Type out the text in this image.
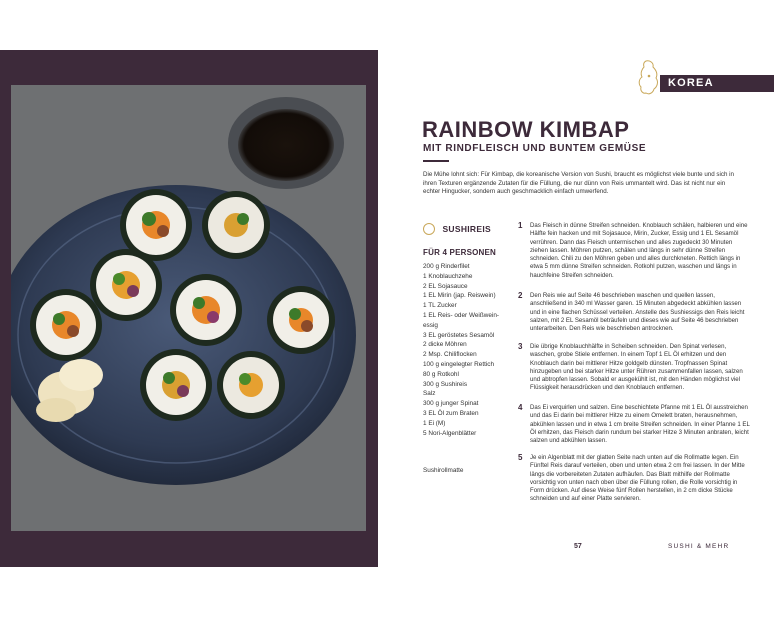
KOREA
RAINBOW KIMBAP
MIT RINDFLEISCH UND BUNTEM GEMÜSE
Die Mühe lohnt sich: Für Kimbap, die koreanische Version von Sushi, braucht es möglichst viele bunte und sich in ihren Texturen ergänzende Zutaten für die Füllung, die nur dünn von Reis ummantelt wird. Das ist nicht nur ein echter Hingucker, sondern auch geschmacklich einfach umwerfend.
SUSHIREIS
FÜR 4 PERSONEN
200 g Rinderfilet
1 Knoblauchzehe
2 EL Sojasauce
1 EL Mirin (jap. Reiswein)
1 TL Zucker
1 EL Reis- oder Weißwein-essig
3 EL geröstetes Sesamöl
2 dicke Möhren
2 Msp. Chiliflocken
100 g eingelegter Rettich
80 g Rotkohl
300 g Sushireis
Salz
300 g junger Spinat
3 EL Öl zum Braten
1 Ei (M)
5 Nori-Algenblätter
Sushirollmatte
1 Das Fleisch in dünne Streifen schneiden. Knoblauch schälen, halbieren und eine Hälfte fein hacken und mit Sojasauce, Mirin, Zucker, Essig und 1 EL Sesamöl verrühren. Dann das Fleisch untermischen und alles zugedeckt 30 Minuten ziehen lassen. Möhren putzen, schälen und längs in sehr dünne Streifen schneiden. Chili zu den Möhren geben und alles durchkneten. Rettich längs in etwa 5 mm dünne Streifen schneiden. Rotkohl putzen, waschen und längs in hauchfeine Streifen schneiden.
2 Den Reis wie auf Seite 46 beschrieben waschen und quellen lassen, anschließend in 340 ml Wasser garen. 15 Minuten abgedeckt abkühlen lassen und in eine flachen Schüssel verteilen. Anstelle des Sushiessigs den Reis leicht salzen, mit 2 EL Sesamöl beträufeln und dieses wie auf Seite 46 beschrieben unterarbeiten. Den Reis wie beschrieben antrocknen.
3 Die übrige Knoblauchhälfte in Scheiben schneiden. Den Spinat verlesen, waschen, grobe Stiele entfernen. In einem Topf 1 EL Öl erhitzen und den Knoblauch darin bei mittlerer Hitze goldgelb dünsten. Tropfnassen Spinat hinzugeben und bei starker Hitze unter Rühren zusammenfallen lassen, salzen und abtropfen lassen. Sobald er ausgekühlt ist, mit den Händen möglichst viel Flüssigkeit herausdrücken und den Knoblauch entfernen.
4 Das Ei verquirlen und salzen. Eine beschichtete Pfanne mit 1 EL Öl ausstreichen und das Ei darin bei mittlerer Hitze zu einem Omelett braten, herausnehmen, abkühlen lassen und in etwa 1 cm breite Streifen schneiden. In einer Pfanne 1 EL Öl erhitzen, das Fleisch darin rundum bei starker Hitze 3 Minuten anbraten, leicht salzen und abkühlen lassen.
5 Je ein Algenblatt mit der glatten Seite nach unten auf die Rollmatte legen. Ein Fünftel Reis darauf verteilen, oben und unten etwa 2 cm frei lassen. In der Mitte längs die vorbereiteten Zutaten aufhäufen. Das Blatt mithilfe der Rollmatte vorsichtig von unten nach oben über die Füllung rollen, die Rolle vorsichtig in Form drücken. Auf diese Weise fünf Rollen herstellen, in 2 cm dicke Stücke schneiden und auf einer Platte servieren.
57	SUSHI & MEHR
